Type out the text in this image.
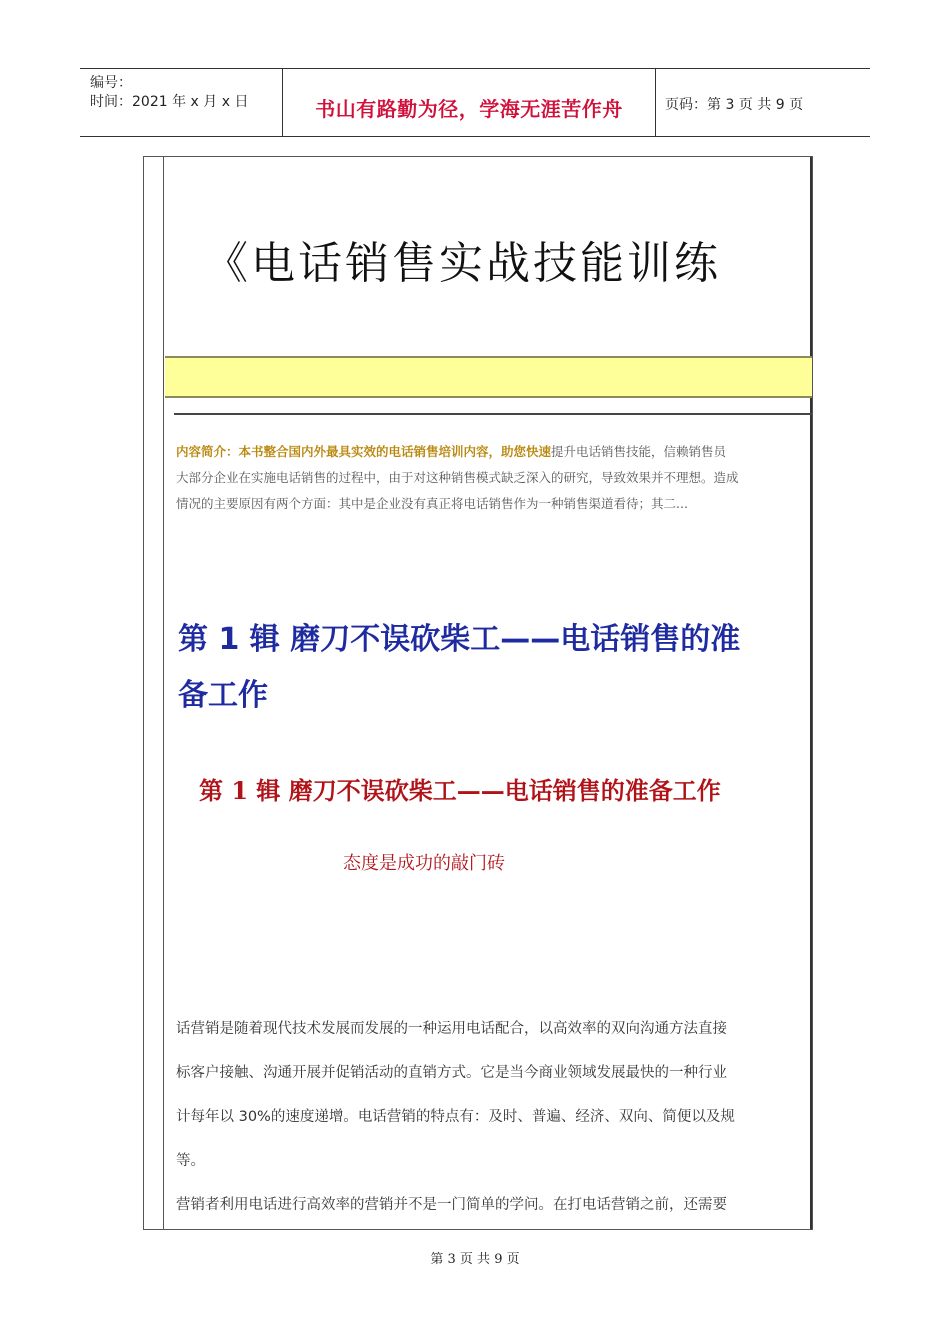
编号：
时间：2021 年 x 月 x 日	书山有路勤为径，学海无涯苦作舟	页码：第 3 页 共 9 页
《电话销售实战技能训练
内容简介：本书整合国内外最具实效的电话销售培训内容，助您快速提升电话销售技能，信赖销售员
大部分企业在实施电话销售的过程中，由于对这种销售模式缺乏深入的研究，导致效果并不理想。造成
情况的主要原因有两个方面：其中是企业没有真正将电话销售作为一种销售渠道看待；其二...
第 1 辑 磨刀不误砍柴工——电话销售的准
备工作
第 1 辑 磨刀不误砍柴工——电话销售的准备工作
态度是成功的敲门砖
话营销是随着现代技术发展而发展的一种运用电话配合，以高效率的双向沟通方法直接
标客户接触、沟通开展并促销活动的直销方式。它是当今商业领域发展最快的一种行业
计每年以 30%的速度递增。电话营销的特点有：及时、普遍、经济、双向、简便以及规
等。
营销者利用电话进行高效率的营销并不是一门简单的学问。在打电话营销之前，还需要
第 3 页 共 9 页
